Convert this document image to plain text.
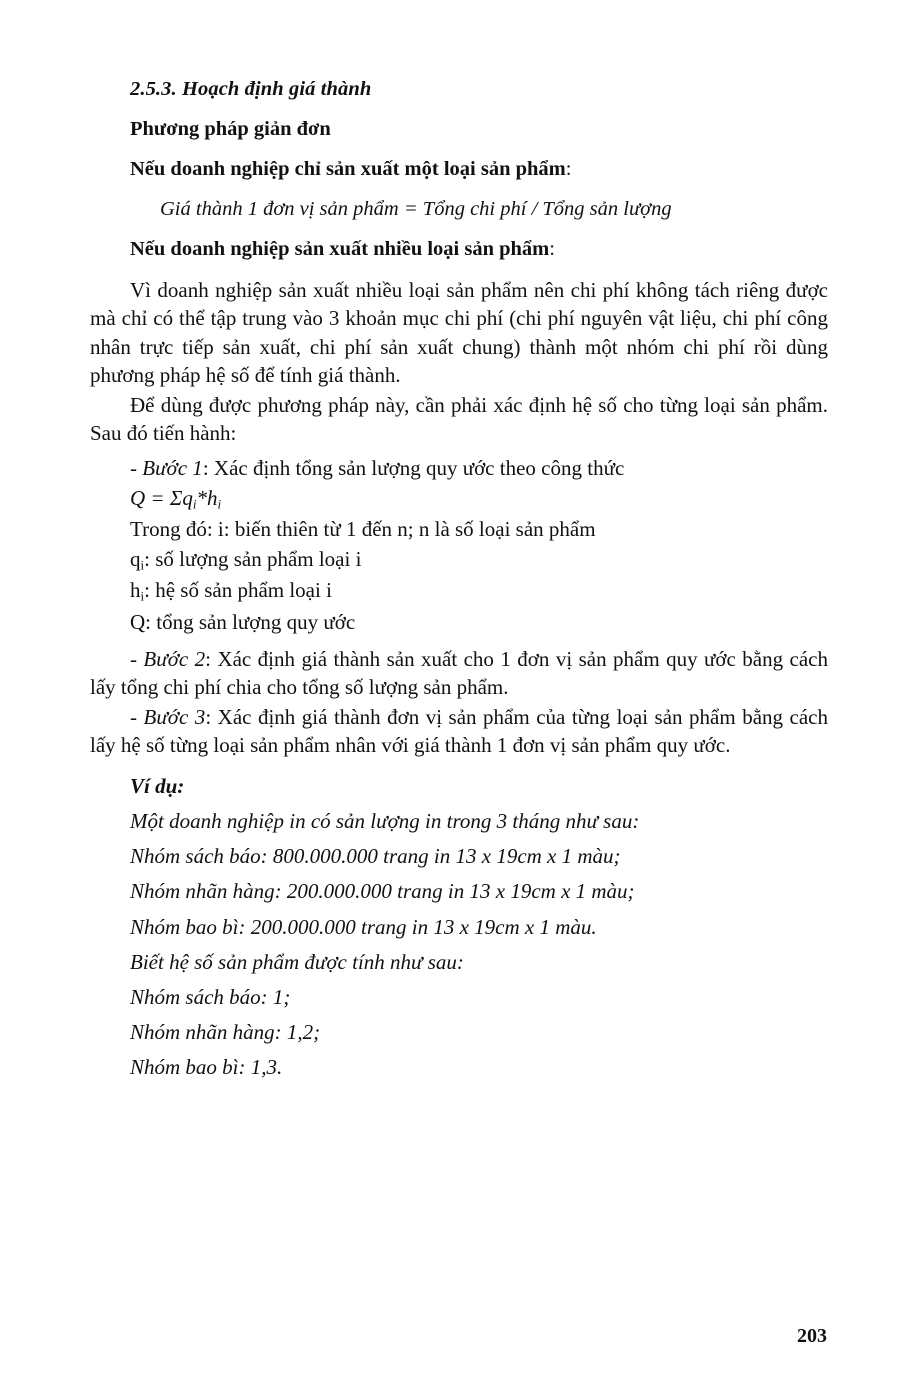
2.5.3. Hoạch định giá thành
Phương pháp giản đơn
Nếu doanh nghiệp chỉ sản xuất một loại sản phẩm:
Giá thành 1 đơn vị sản phẩm = Tổng chi phí / Tổng sản lượng
Nếu doanh nghiệp sản xuất nhiều loại sản phẩm:
Vì doanh nghiệp sản xuất nhiều loại sản phẩm nên chi phí không tách riêng được mà chỉ có thể tập trung vào 3 khoản mục chi phí (chi phí nguyên vật liệu, chi phí công nhân trực tiếp sản xuất, chi phí sản xuất chung) thành một nhóm chi phí rồi dùng phương pháp hệ số để tính giá thành.
Để dùng được phương pháp này, cần phải xác định hệ số cho từng loại sản phẩm. Sau đó tiến hành:
- Bước 1: Xác định tổng sản lượng quy ước theo công thức
$Q = \Sigma q_i*h_i$
Trong đó: i: biến thiên từ 1 đến n; n là số loại sản phẩm
$q_i$: số lượng sản phẩm loại i
$h_i$: hệ số sản phẩm loại i
Q: tổng sản lượng quy ước
- Bước 2: Xác định giá thành sản xuất cho 1 đơn vị sản phẩm quy ước bằng cách lấy tổng chi phí chia cho tổng số lượng sản phẩm.
- Bước 3: Xác định giá thành đơn vị sản phẩm của từng loại sản phẩm bằng cách lấy hệ số từng loại sản phẩm nhân với giá thành 1 đơn vị sản phẩm quy ước.
Ví dụ:
Một doanh nghiệp in có sản lượng in trong 3 tháng như sau:
Nhóm sách báo: 800.000.000 trang in 13 x 19cm x 1 màu;
Nhóm nhãn hàng: 200.000.000 trang in 13 x 19cm x 1 màu;
Nhóm bao bì: 200.000.000 trang in 13 x 19cm x 1 màu.
Biết hệ số sản phẩm được tính như sau:
Nhóm sách báo: 1;
Nhóm nhãn hàng: 1,2;
Nhóm bao bì: 1,3.
203
